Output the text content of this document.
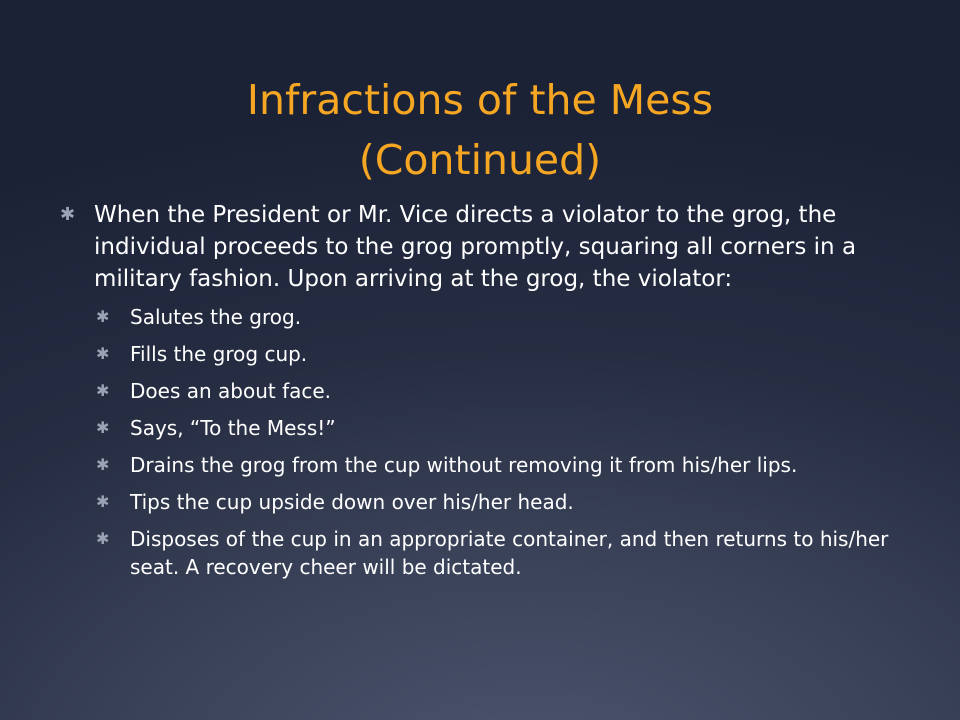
Infractions of the Mess
(Continued)
✱ When the President or Mr. Vice directs a violator to the grog, the individual proceeds to the grog promptly, squaring all corners in a military fashion. Upon arriving at the grog, the violator:
✱ Salutes the grog.
✱ Fills the grog cup.
✱ Does an about face.
✱ Says, “To the Mess!”
✱ Drains the grog from the cup without removing it from his/her lips.
✱ Tips the cup upside down over his/her head.
✱ Disposes of the cup in an appropriate container, and then returns to his/her seat. A recovery cheer will be dictated.
